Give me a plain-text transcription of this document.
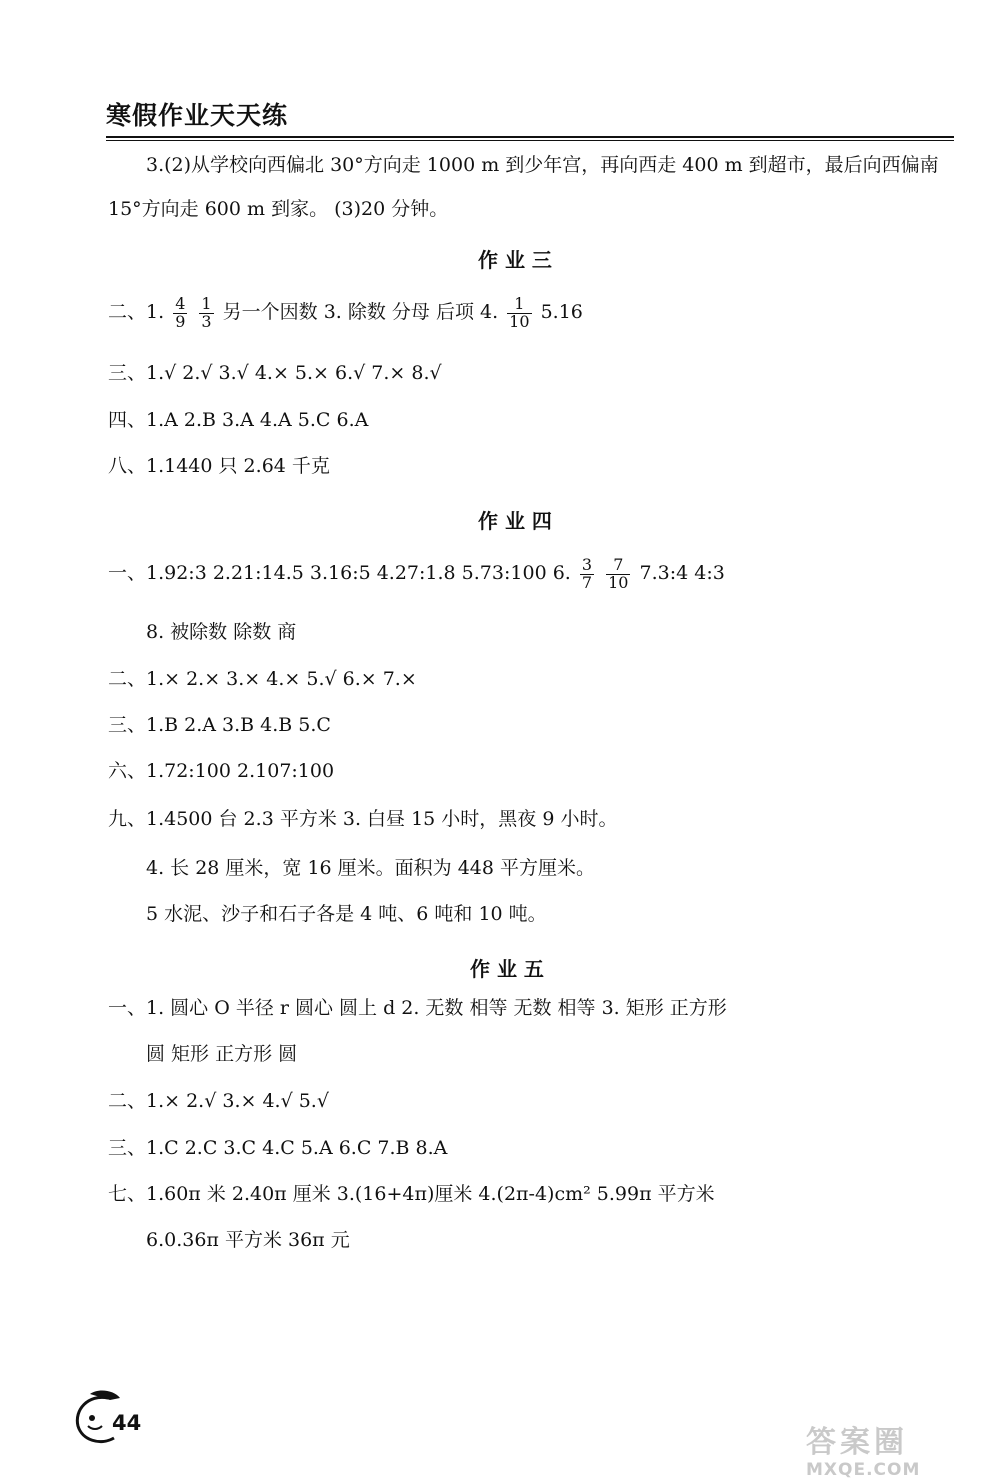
寒假作业天天练
3.(2)从学校向西偏北 30°方向走 1000 m 到少年宫，再向西走 400 m 到超市，最后向西偏南
15°方向走 600 m 到家。 (3)20 分钟。
作 业 三
二、1. $\frac{4}{9}$
$\frac{1}{3}$ 另一个因数 3. 除数 分母 后项 4. $\frac{1}{10} 5.16$
三、1.√ 2.√ 3.√ 4.× 5.× 6.√ 7.× 8.√
四、1.A 2.B 3.A 4.A 5.C 6.A
八、1.1440 只 2.64 千克
作 业 四
一、1.92:3 2.21:14.5 3.16:5 4.27:1.8 5.73:100 6. $\frac{3}{7}$
$\frac{7}{10}$ 7.3:4 4:3
8. 被除数 除数 商
二、1.× 2.× 3.× 4.× 5.√ 6.× 7.×
三、1.B 2.A 3.B 4.B 5.C
六、1.72:100 2.107:100
九、1.4500 台 2.3 平方米 3. 白昼 15 小时，黑夜 9 小时。
4. 长 28 厘米，宽 16 厘米。面积为 448 平方厘米。
5 水泥、沙子和石子各是 4 吨、6 吨和 10 吨。
作 业 五
一、1. 圆心 O 半径 r 圆心 圆上 d 2. 无数 相等 无数 相等 3. 矩形 正方形
圆 矩形 正方形 圆
二、1.× 2.√ 3.× 4.√ 5.√
三、1.C 2.C 3.C 4.C 5.A 6.C 7.B 8.A
七、1.60π 米 2.40π 厘米 3.(16+4π)厘米 4.(2π-4)cm² 5.99π 平方米
6.0.36π 平方米 36π 元
44
答案圈
MXQE.COM
